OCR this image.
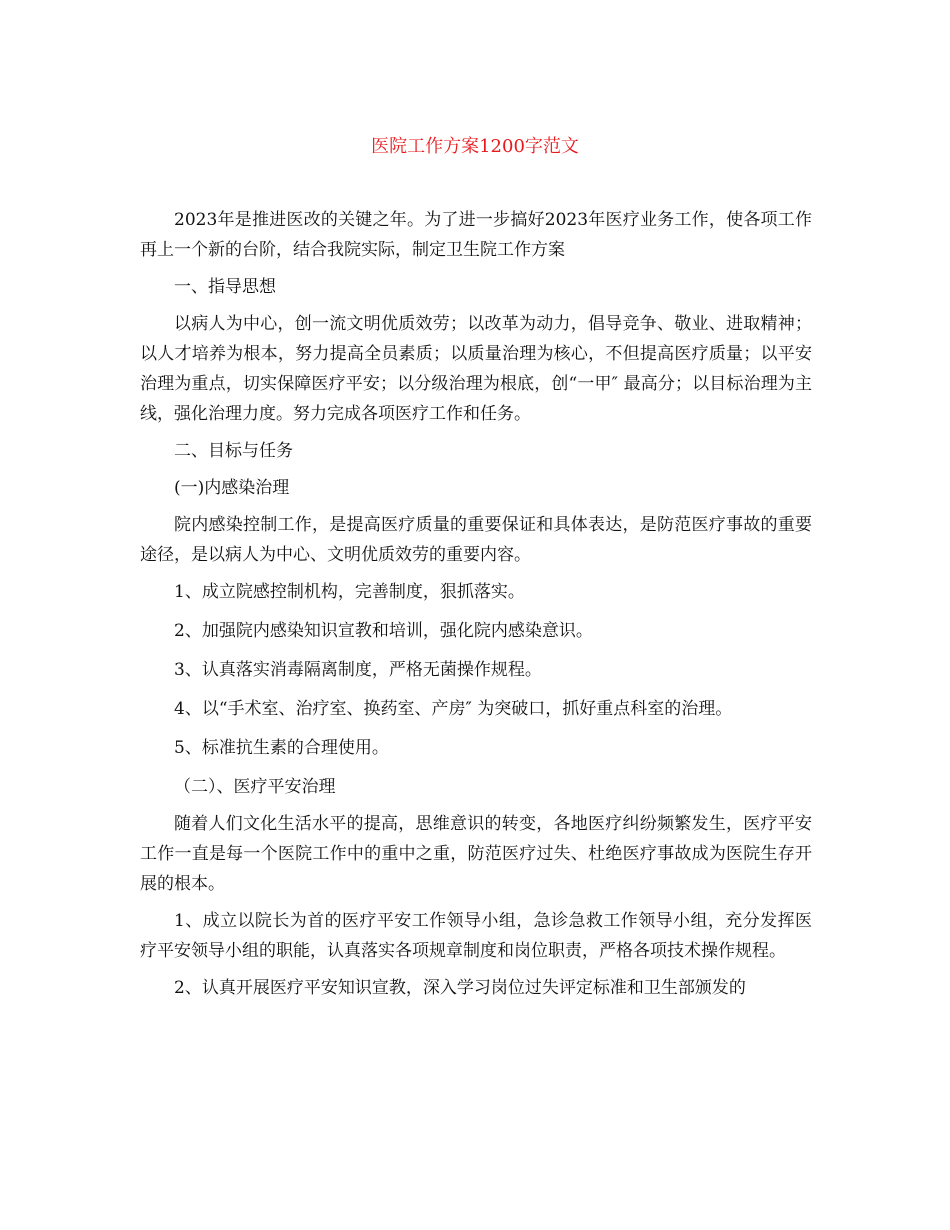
医院工作方案1200字范文

2023年是推进医改的关键之年。为了进一步搞好2023年医疗业务工作，使各项工作再上一个新的台阶，结合我院实际，制定卫生院工作方案

一、指导思想

以病人为中心，创一流文明优质效劳；以改革为动力，倡导竞争、敬业、进取精神；以人才培养为根本，努力提高全员素质；以质量治理为核心，不但提高医疗质量；以平安治理为重点，切实保障医疗平安；以分级治理为根底，创“一甲″ 最高分；以目标治理为主线，强化治理力度。努力完成各项医疗工作和任务。

二、目标与任务

(一)内感染治理

院内感染控制工作，是提高医疗质量的重要保证和具体表达，是防范医疗事故的重要途径，是以病人为中心、文明优质效劳的重要内容。

1、成立院感控制机构，完善制度，狠抓落实。

2、加强院内感染知识宣教和培训，强化院内感染意识。

3、认真落实消毒隔离制度，严格无菌操作规程。

4、以“手术室、治疗室、换药室、产房″ 为突破口，抓好重点科室的治理。

5、标准抗生素的合理使用。

（二）、医疗平安治理

随着人们文化生活水平的提高，思维意识的转变，各地医疗纠纷频繁发生，医疗平安工作一直是每一个医院工作中的重中之重，防范医疗过失、杜绝医疗事故成为医院生存开展的根本。

1、成立以院长为首的医疗平安工作领导小组，急诊急救工作领导小组，充分发挥医疗平安领导小组的职能，认真落实各项规章制度和岗位职责，严格各项技术操作规程。

2、认真开展医疗平安知识宣教，深入学习岗位过失评定标准和卫生部颁发的
